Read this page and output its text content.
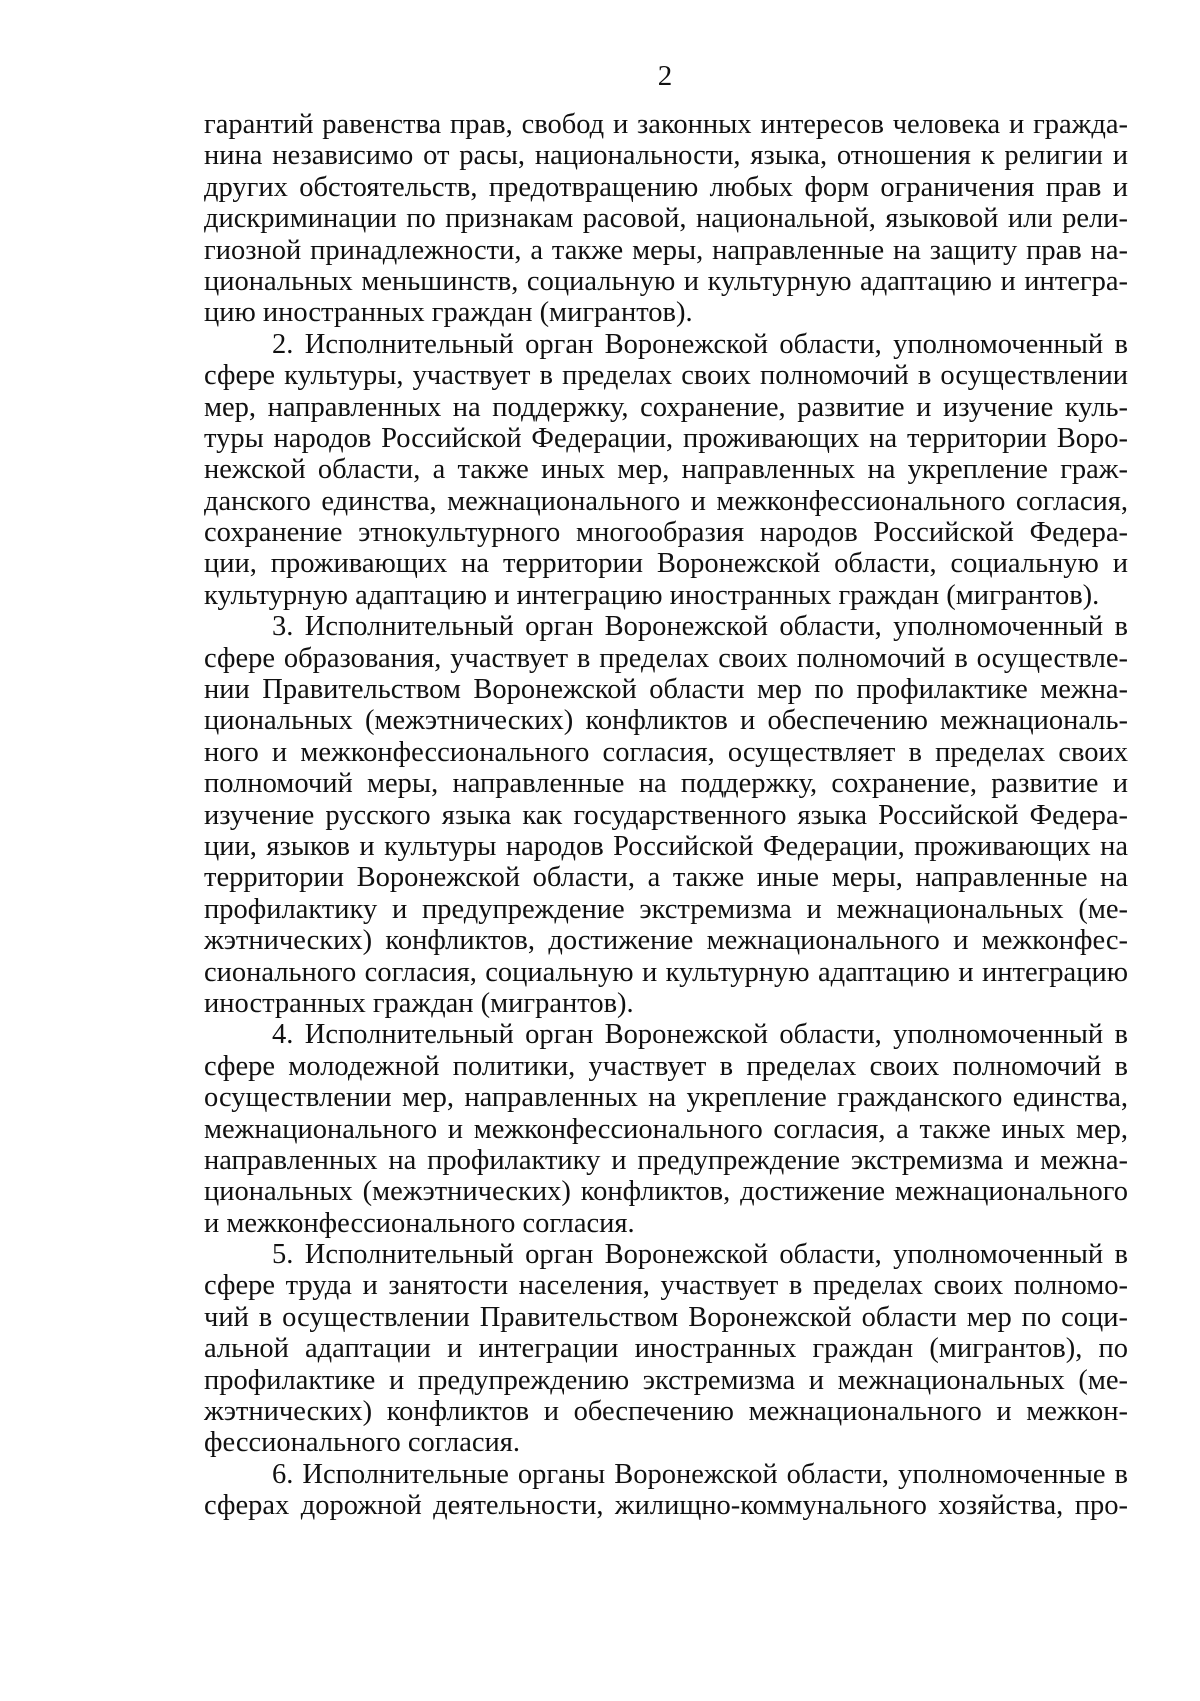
2
гарантий равенства прав, свобод и законных интересов человека и гражда-
нина независимо от расы, национальности, языка, отношения к религии и
других обстоятельств, предотвращению любых форм ограничения прав и
дискриминации по признакам расовой, национальной, языковой или рели-
гиозной принадлежности, а также меры, направленные на защиту прав на-
циональных меньшинств, социальную и культурную адаптацию и интегра-
цию иностранных граждан (мигрантов).
2. Исполнительный орган Воронежской области, уполномоченный в
сфере культуры, участвует в пределах своих полномочий в осуществлении
мер, направленных на поддержку, сохранение, развитие и изучение куль-
туры народов Российской Федерации, проживающих на территории Воро-
нежской области, а также иных мер, направленных на укрепление граж-
данского единства, межнационального и межконфессионального согласия,
сохранение этнокультурного многообразия народов Российской Федера-
ции, проживающих на территории Воронежской области, социальную и
культурную адаптацию и интеграцию иностранных граждан (мигрантов).
3. Исполнительный орган Воронежской области, уполномоченный в
сфере образования, участвует в пределах своих полномочий в осуществле-
нии Правительством Воронежской области мер по профилактике межна-
циональных (межэтнических) конфликтов и обеспечению межнациональ-
ного и межконфессионального согласия, осуществляет в пределах своих
полномочий меры, направленные на поддержку, сохранение, развитие и
изучение русского языка как государственного языка Российской Федера-
ции, языков и культуры народов Российской Федерации, проживающих на
территории Воронежской области, а также иные меры, направленные на
профилактику и предупреждение экстремизма и межнациональных (ме-
жэтнических) конфликтов, достижение межнационального и межконфес-
сионального согласия, социальную и культурную адаптацию и интеграцию
иностранных граждан (мигрантов).
4. Исполнительный орган Воронежской области, уполномоченный в
сфере молодежной политики, участвует в пределах своих полномочий в
осуществлении мер, направленных на укрепление гражданского единства,
межнационального и межконфессионального согласия, а также иных мер,
направленных на профилактику и предупреждение экстремизма и межна-
циональных (межэтнических) конфликтов, достижение межнационального
и межконфессионального согласия.
5. Исполнительный орган Воронежской области, уполномоченный в
сфере труда и занятости населения, участвует в пределах своих полномо-
чий в осуществлении Правительством Воронежской области мер по соци-
альной адаптации и интеграции иностранных граждан (мигрантов), по
профилактике и предупреждению экстремизма и межнациональных (ме-
жэтнических) конфликтов и обеспечению межнационального и межкон-
фессионального согласия.
6. Исполнительные органы Воронежской области, уполномоченные в
сферах дорожной деятельности, жилищно-коммунального хозяйства, про-
